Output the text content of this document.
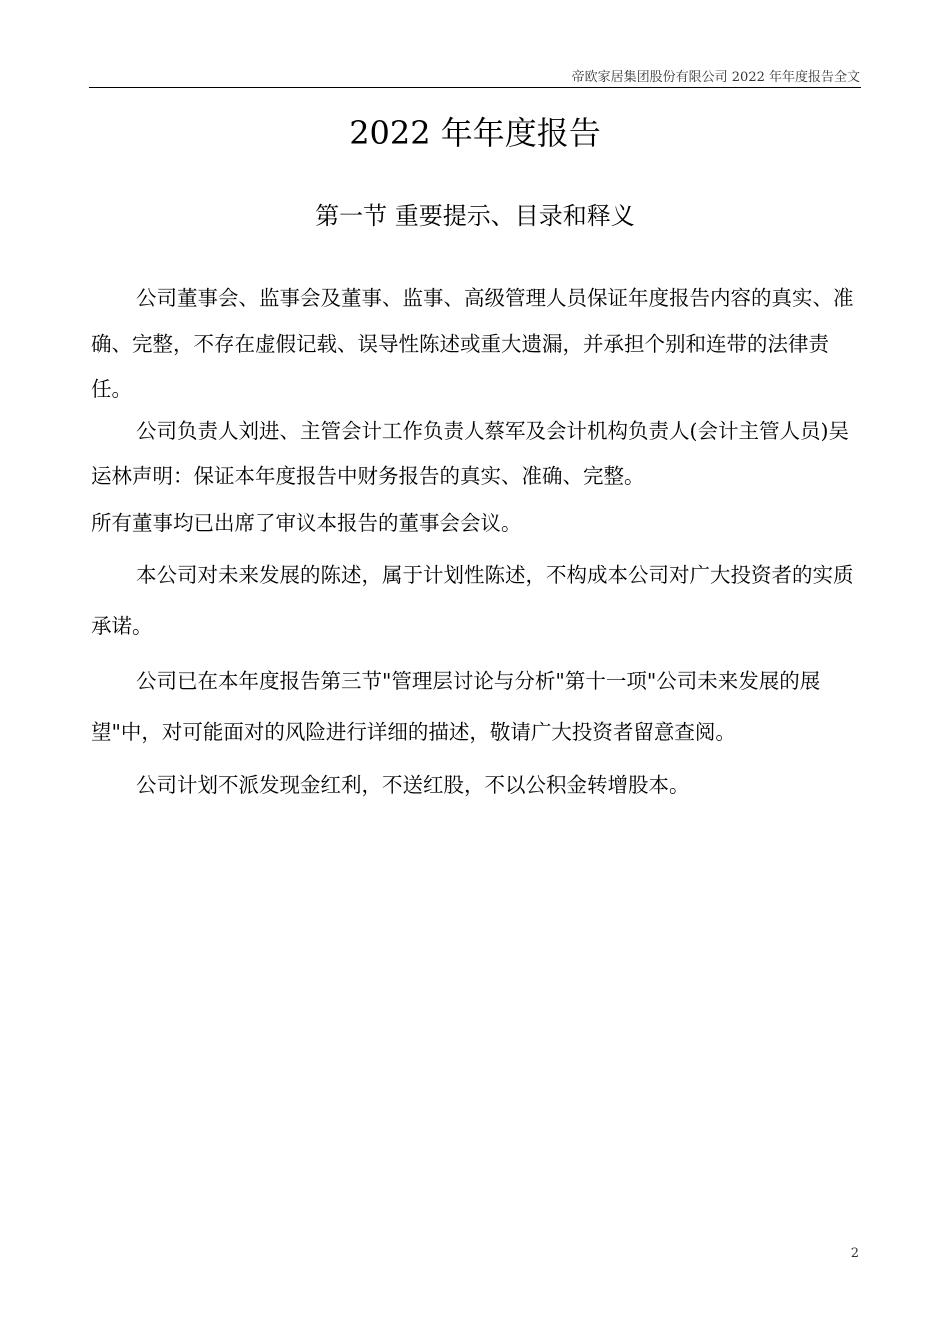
帝欧家居集团股份有限公司 2022 年年度报告全文
2022 年年度报告
第一节 重要提示、目录和释义

公司董事会、监事会及董事、监事、高级管理人员保证年度报告内容的真实、准确、完整，不存在虚假记载、误导性陈述或重大遗漏，并承担个别和连带的法律责任。

公司负责人刘进、主管会计工作负责人蔡军及会计机构负责人(会计主管人员)吴运林声明：保证本年度报告中财务报告的真实、准确、完整。

所有董事均已出席了审议本报告的董事会会议。

本公司对未来发展的陈述，属于计划性陈述，不构成本公司对广大投资者的实质承诺。

公司已在本年度报告第三节"管理层讨论与分析"第十一项"公司未来发展的展望"中，对可能面对的风险进行详细的描述，敬请广大投资者留意查阅。

公司计划不派发现金红利，不送红股，不以公积金转增股本。

2
